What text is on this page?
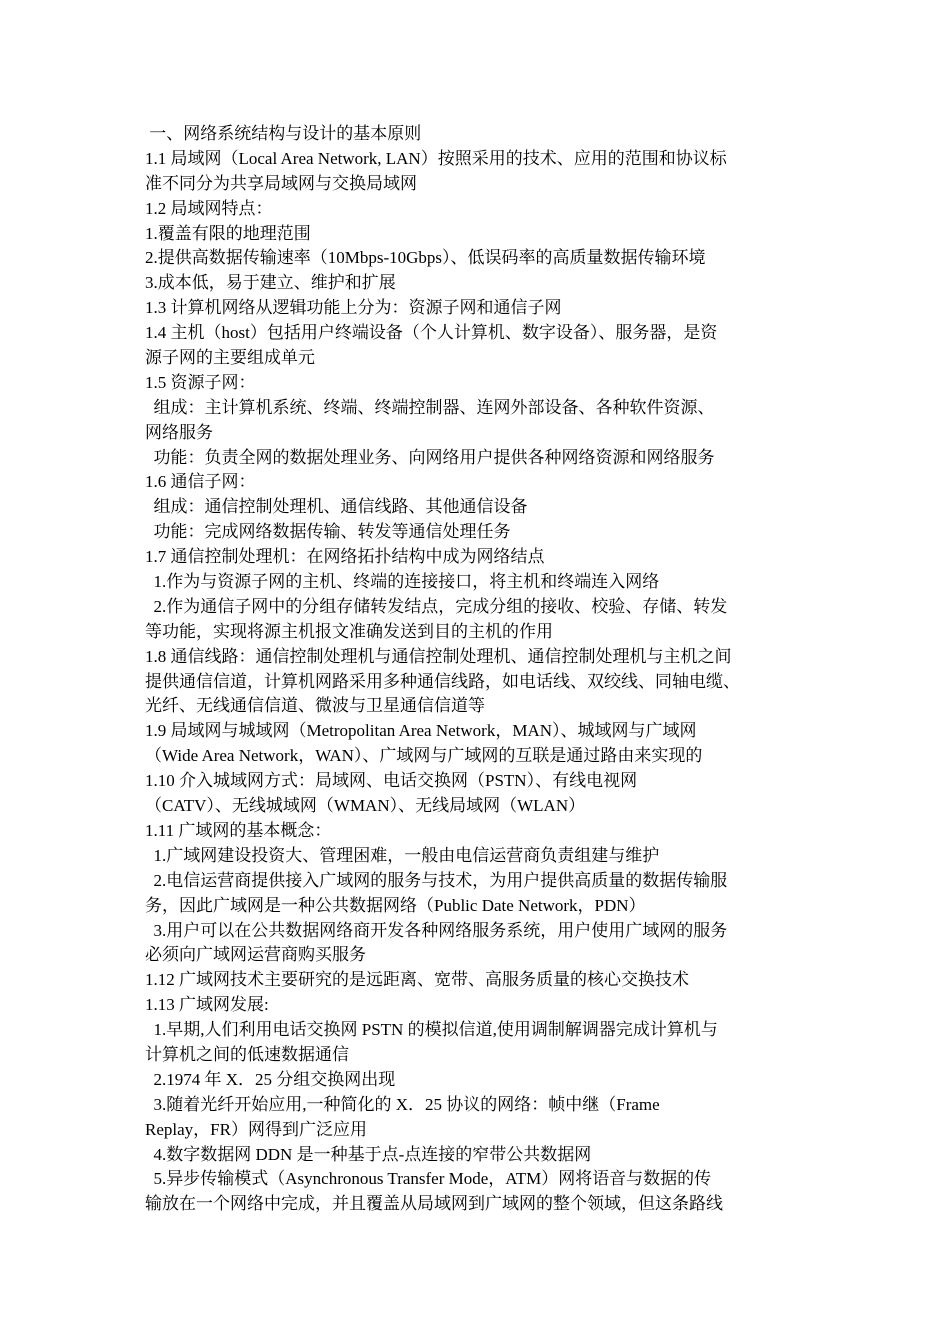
一、网络系统结构与设计的基本原则
1.1 局域网（Local Area Network, LAN）按照采用的技术、应用的范围和协议标
准不同分为共享局域网与交换局域网
1.2 局域网特点：
1.覆盖有限的地理范围
2.提供高数据传输速率（10Mbps-10Gbps）、低误码率的高质量数据传输环境
3.成本低，易于建立、维护和扩展
1.3 计算机网络从逻辑功能上分为：资源子网和通信子网
1.4 主机（host）包括用户终端设备（个人计算机、数字设备）、服务器，是资
源子网的主要组成单元
1.5 资源子网：
组成：主计算机系统、终端、终端控制器、连网外部设备、各种软件资源、
网络服务
功能：负责全网的数据处理业务、向网络用户提供各种网络资源和网络服务
1.6 通信子网：
组成：通信控制处理机、通信线路、其他通信设备
功能：完成网络数据传输、转发等通信处理任务
1.7 通信控制处理机：在网络拓扑结构中成为网络结点
1.作为与资源子网的主机、终端的连接接口，将主机和终端连入网络
2.作为通信子网中的分组存储转发结点，完成分组的接收、校验、存储、转发
等功能，实现将源主机报文准确发送到目的主机的作用
1.8 通信线路：通信控制处理机与通信控制处理机、通信控制处理机与主机之间
提供通信信道，计算机网路采用多种通信线路，如电话线、双绞线、同轴电缆、
光纤、无线通信信道、微波与卫星通信信道等
1.9 局域网与城域网（Metropolitan Area Network，MAN）、城域网与广域网
（Wide Area Network，WAN）、广域网与广域网的互联是通过路由来实现的
1.10 介入城域网方式：局域网、电话交换网（PSTN）、有线电视网
（CATV）、无线城域网（WMAN）、无线局域网（WLAN）
1.11 广域网的基本概念：
1.广域网建设投资大、管理困难，一般由电信运营商负责组建与维护
2.电信运营商提供接入广域网的服务与技术，为用户提供高质量的数据传输服
务，因此广域网是一种公共数据网络（Public Date Network，PDN）
3.用户可以在公共数据网络商开发各种网络服务系统，用户使用广域网的服务
必须向广域网运营商购买服务
1.12 广域网技术主要研究的是远距离、宽带、高服务质量的核心交换技术
1.13 广域网发展:
1.早期,人们利用电话交换网 PSTN 的模拟信道,使用调制解调器完成计算机与
计算机之间的低速数据通信
2.1974 年 X．25 分组交换网出现
3.随着光纤开始应用,一种简化的 X．25 协议的网络：帧中继（Frame
Replay，FR）网得到广泛应用
4.数字数据网 DDN 是一种基于点-点连接的窄带公共数据网
5.异步传输模式（Asynchronous Transfer Mode，ATM）网将语音与数据的传
输放在一个网络中完成，并且覆盖从局域网到广域网的整个领域，但这条路线
